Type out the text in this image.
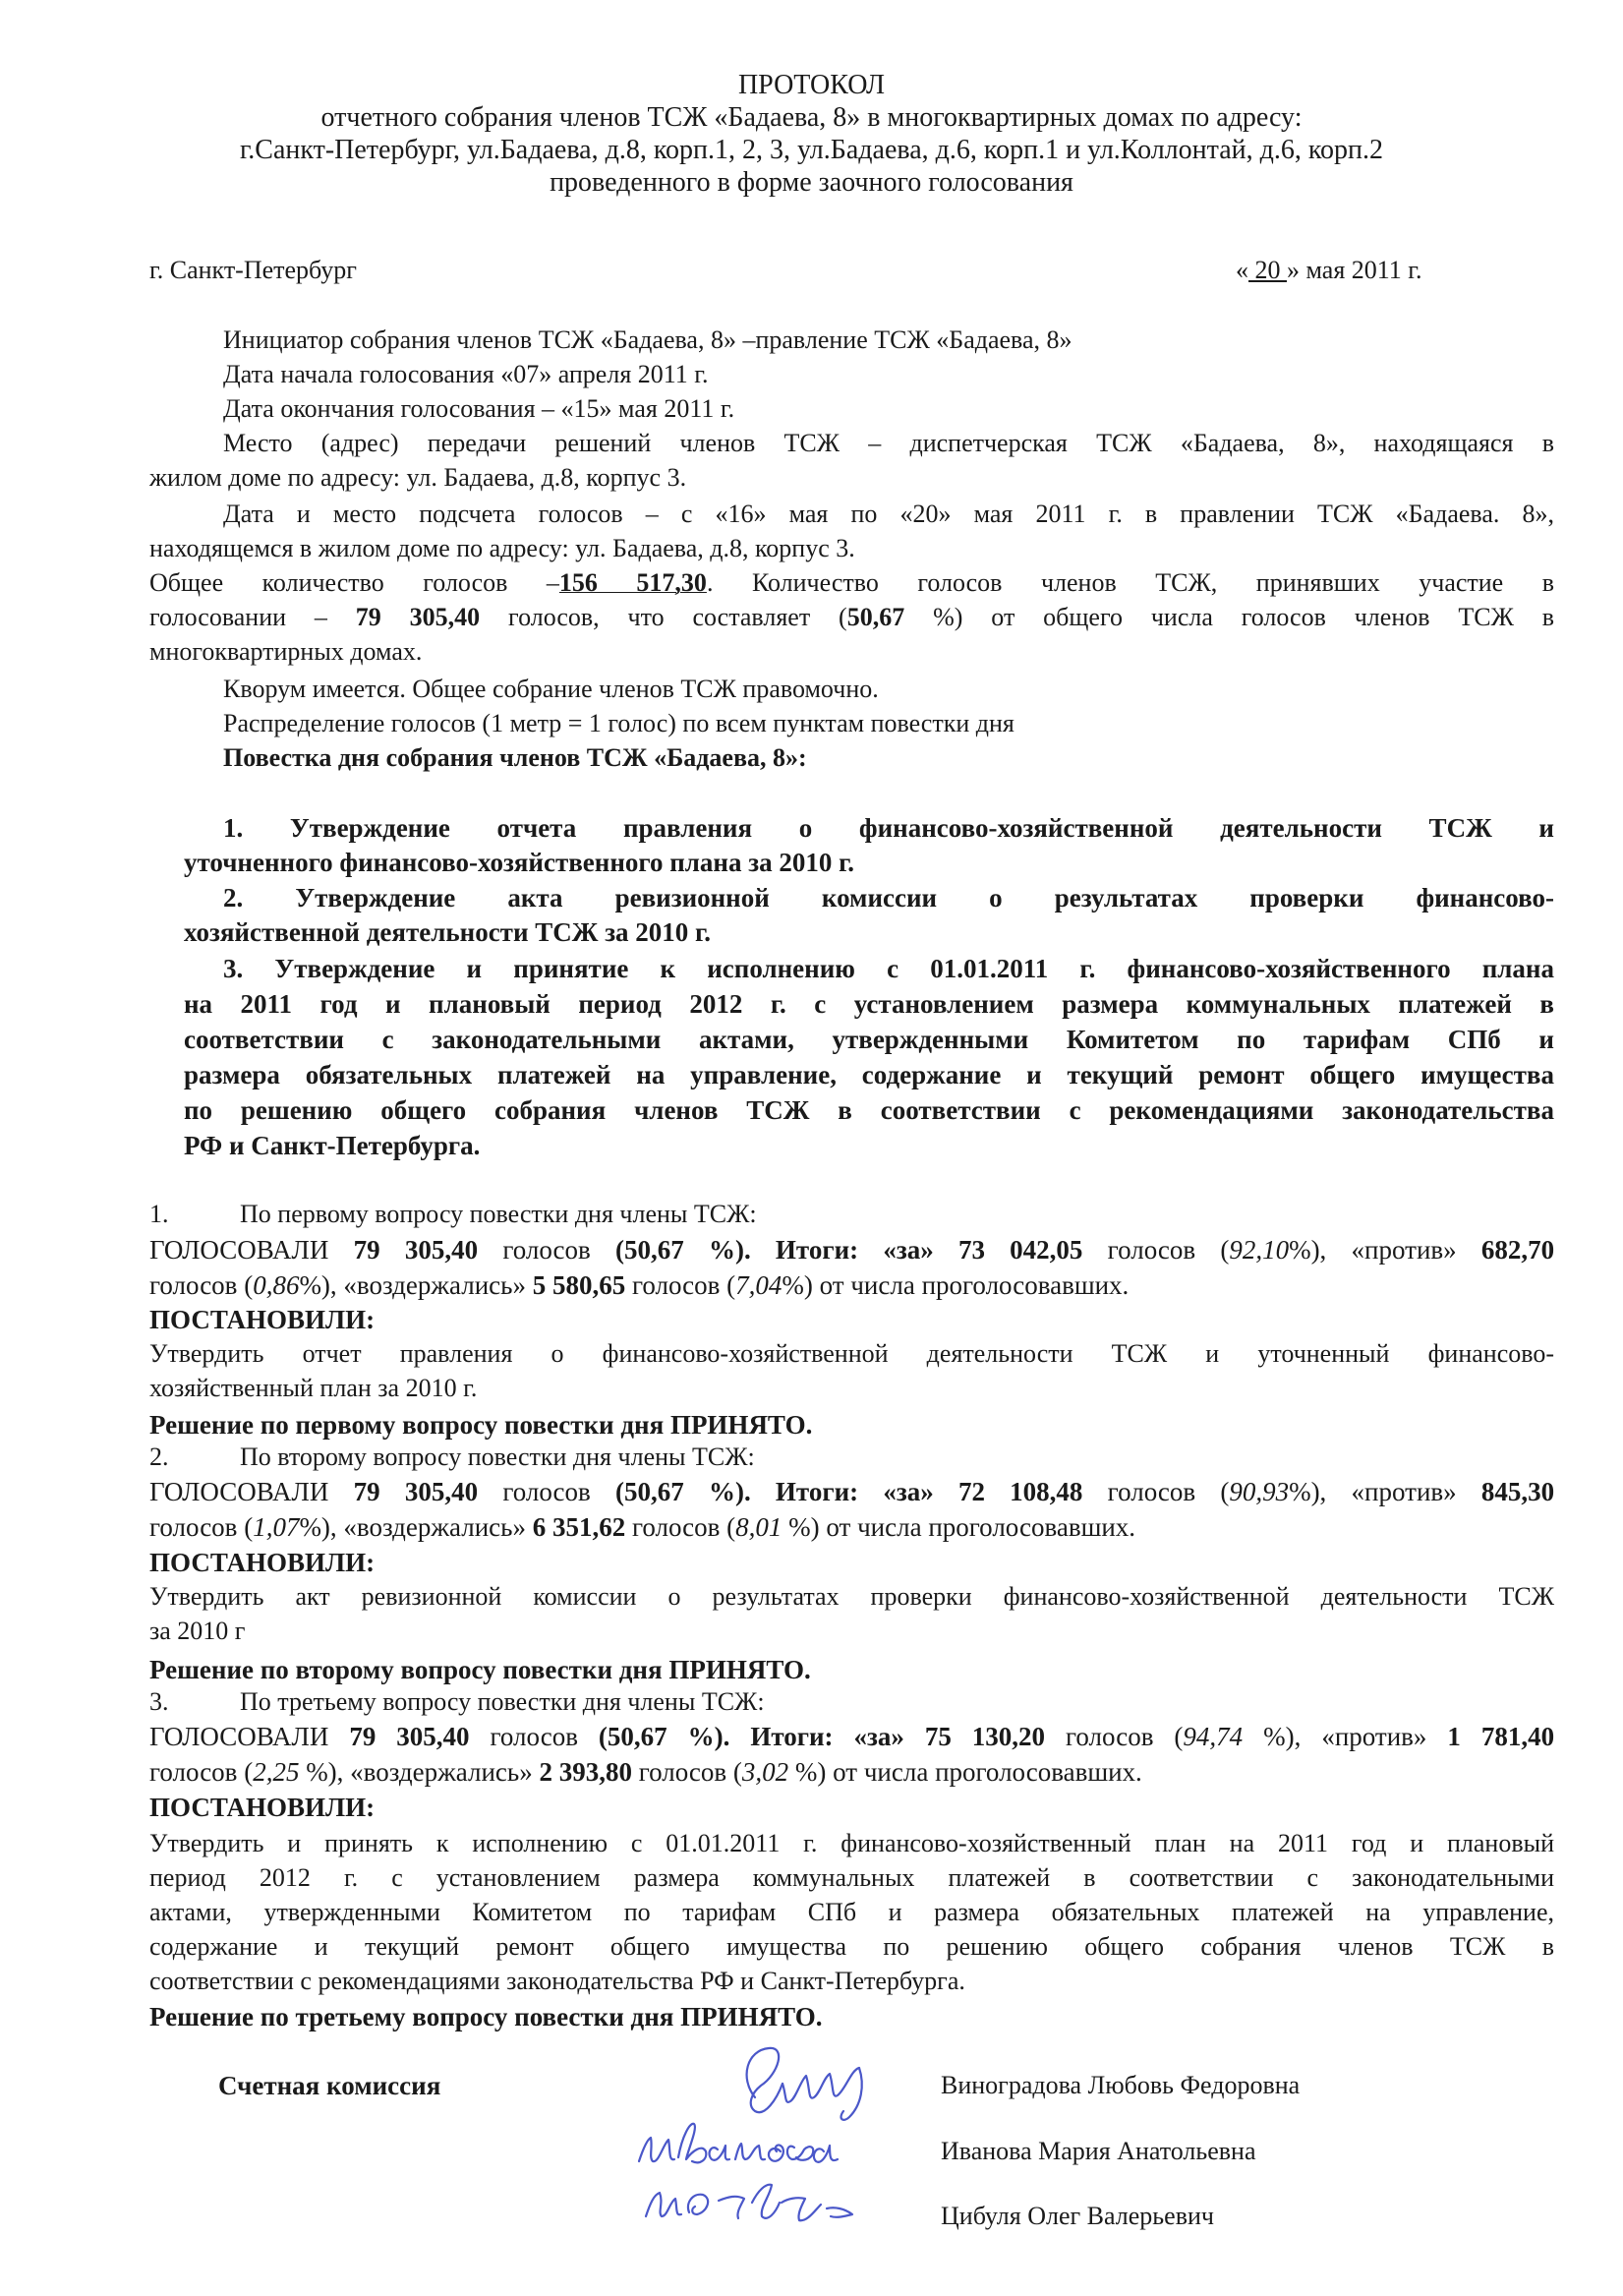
ПРОТОКОЛ
отчетного собрания членов ТСЖ «Бадаева, 8» в многоквартирных домах по адресу:
г.Санкт-Петербург, ул.Бадаева, д.8, корп.1, 2, 3, ул.Бадаева, д.6, корп.1 и ул.Коллонтай, д.6, корп.2
проведенного в форме заочного голосования
г. Санкт-Петербург	« 20 » мая 2011 г.
Инициатор собрания членов ТСЖ «Бадаева, 8» –правление ТСЖ «Бадаева, 8»
Дата начала голосования «07» апреля 2011 г.
Дата окончания голосования – «15» мая 2011 г.
Место (адрес) передачи решений членов ТСЖ – диспетчерская ТСЖ «Бадаева, 8», находящаяся в
жилом доме по адресу: ул. Бадаева, д.8, корпус 3.
Дата и место подсчета голосов – с «16» мая по «20» мая 2011 г. в правлении ТСЖ «Бадаева. 8»,
находящемся в жилом доме по адресу: ул. Бадаева, д.8, корпус 3.
Общее количество голосов –156 517,30. Количество голосов членов ТСЖ, принявших участие в
голосовании – 79 305,40 голосов, что составляет (50,67 %) от общего числа голосов членов ТСЖ в
многоквартирных домах.
Кворум имеется. Общее собрание членов ТСЖ правомочно.
Распределение голосов (1 метр = 1 голос) по всем пунктам повестки дня
Повестка дня собрания членов ТСЖ «Бадаева, 8»:
1. Утверждение отчета правления о финансово-хозяйственной деятельности ТСЖ и
уточненного финансово-хозяйственного плана за 2010 г.
2. Утверждение акта ревизионной комиссии о результатах проверки финансово-
хозяйственной деятельности ТСЖ за 2010 г.
3. Утверждение и принятие к исполнению с 01.01.2011 г. финансово-хозяйственного плана
на 2011 год и плановый период 2012 г. с установлением размера коммунальных платежей в
соответствии с законодательными актами, утвержденными Комитетом по тарифам СПб и
размера обязательных платежей на управление, содержание и текущий ремонт общего имущества
по решению общего собрания членов ТСЖ в соответствии с рекомендациями законодательства
РФ и Санкт-Петербурга.
1.	По первому вопросу повестки дня члены ТСЖ:
ГОЛОСОВАЛИ 79 305,40 голосов (50,67 %). Итоги: «за» 73 042,05 голосов (92,10%), «против» 682,70
голосов (0,86%), «воздержались» 5 580,65 голосов (7,04%) от числа проголосовавших.
ПОСТАНОВИЛИ:
Утвердить отчет правления о финансово-хозяйственной деятельности ТСЖ и уточненный финансово-
хозяйственный план за 2010 г.
Решение по первому вопросу повестки дня ПРИНЯТО.
2.	По второму вопросу повестки дня члены ТСЖ:
ГОЛОСОВАЛИ 79 305,40 голосов (50,67 %). Итоги: «за» 72 108,48 голосов (90,93%), «против» 845,30
голосов (1,07%), «воздержались» 6 351,62 голосов (8,01 %) от числа проголосовавших.
ПОСТАНОВИЛИ:
Утвердить акт ревизионной комиссии о результатах проверки финансово-хозяйственной деятельности ТСЖ
за 2010 г
Решение по второму вопросу повестки дня ПРИНЯТО.
3.	По третьему вопросу повестки дня члены ТСЖ:
ГОЛОСОВАЛИ 79 305,40 голосов (50,67 %). Итоги: «за» 75 130,20 голосов (94,74 %), «против» 1 781,40
голосов (2,25 %), «воздержались» 2 393,80 голосов (3,02 %) от числа проголосовавших.
ПОСТАНОВИЛИ:
Утвердить и принять к исполнению с 01.01.2011 г. финансово-хозяйственный план на 2011 год и плановый
период 2012 г. с установлением размера коммунальных платежей в соответствии с законодательными
актами, утвержденными Комитетом по тарифам СПб и размера обязательных платежей на управление,
содержание и текущий ремонт общего имущества по решению общего собрания членов ТСЖ в
соответствии с рекомендациями законодательства РФ и Санкт-Петербурга.
Решение по третьему вопросу повестки дня ПРИНЯТО.
Счетная комиссия	Виноградова Любовь Федоровна
Иванова Мария Анатольевна
Цибуля Олег Валерьевич
